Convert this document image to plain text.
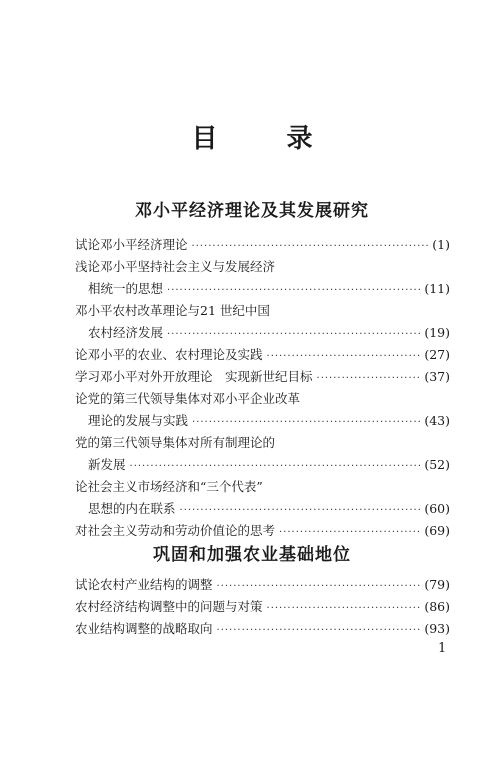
目 录
邓小平经济理论及其发展研究
试论邓小平经济理论 ·····	(1)
浅论邓小平坚持社会主义与发展经济
相统一的思想 ·····	(11)
邓小平农村改革理论与21 世纪中国
农村经济发展 ·····	(19)
论邓小平的农业、农村理论及实践 ·····	(27)
学习邓小平对外开放理论　实现新世纪目标 ·····	(37)
论党的第三代领导集体对邓小平企业改革
理论的发展与实践 ·····	(43)
党的第三代领导集体对所有制理论的
新发展 ·····	(52)
论社会主义市场经济和“三个代表”
思想的内在联系 ·····	(60)
对社会主义劳动和劳动价值论的思考 ·····	(69)
巩固和加强农业基础地位
试论农村产业结构的调整 ·····	(79)
农村经济结构调整中的问题与对策 ·····	(86)
农业结构调整的战略取向 ·····	(93)
1
